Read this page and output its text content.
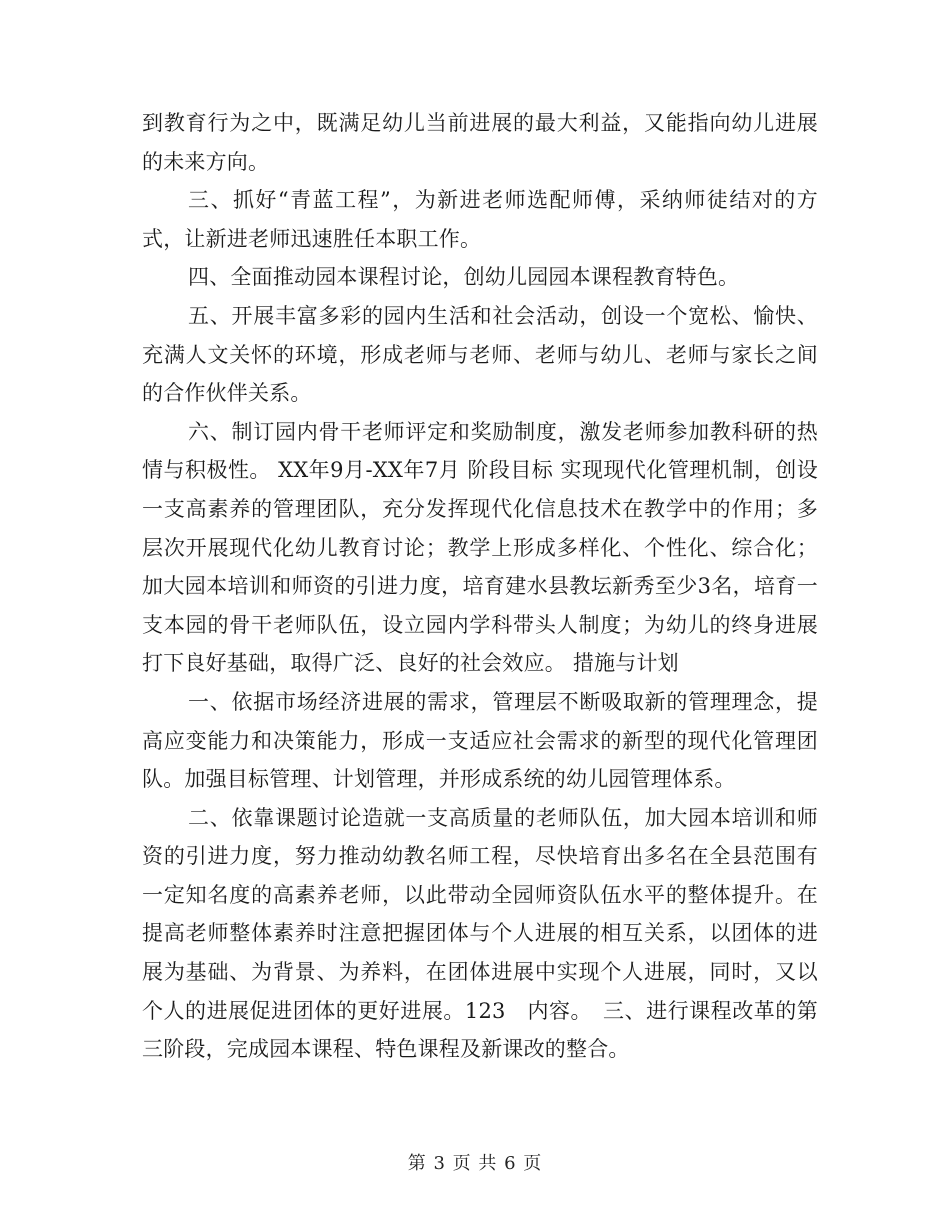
到教育行为之中，既满足幼儿当前进展的最大利益，又能指向幼儿进展的未来方向。

三、抓好“青蓝工程”，为新进老师选配师傅，采纳师徒结对的方式，让新进老师迅速胜任本职工作。

四、全面推动园本课程讨论，创幼儿园园本课程教育特色。

五、开展丰富多彩的园内生活和社会活动，创设一个宽松、愉快、充满人文关怀的环境，形成老师与老师、老师与幼儿、老师与家长之间的合作伙伴关系。

六、制订园内骨干老师评定和奖励制度，激发老师参加教科研的热情与积极性。 XX年9月-XX年7月 阶段目标 实现现代化管理机制，创设一支高素养的管理团队，充分发挥现代化信息技术在教学中的作用；多层次开展现代化幼儿教育讨论；教学上形成多样化、个性化、综合化；加大园本培训和师资的引进力度，培育建水县教坛新秀至少3名，培育一支本园的骨干老师队伍，设立园内学科带头人制度；为幼儿的终身进展打下良好基础，取得广泛、良好的社会效应。 措施与计划

一、依据市场经济进展的需求，管理层不断吸取新的管理理念，提高应变能力和决策能力，形成一支适应社会需求的新型的现代化管理团队。加强目标管理、计划管理，并形成系统的幼儿园管理体系。

二、依靠课题讨论造就一支高质量的老师队伍，加大园本培训和师资的引进力度，努力推动幼教名师工程，尽快培育出多名在全县范围有一定知名度的高素养老师，以此带动全园师资队伍水平的整体提升。在提高老师整体素养时注意把握团体与个人进展的相互关系，以团体的进展为基础、为背景、为养料，在团体进展中实现个人进展，同时，又以个人的进展促进团体的更好进展。123　内容。　三、进行课程改革的第三阶段，完成园本课程、特色课程及新课改的整合。

第 3 页 共 6 页
